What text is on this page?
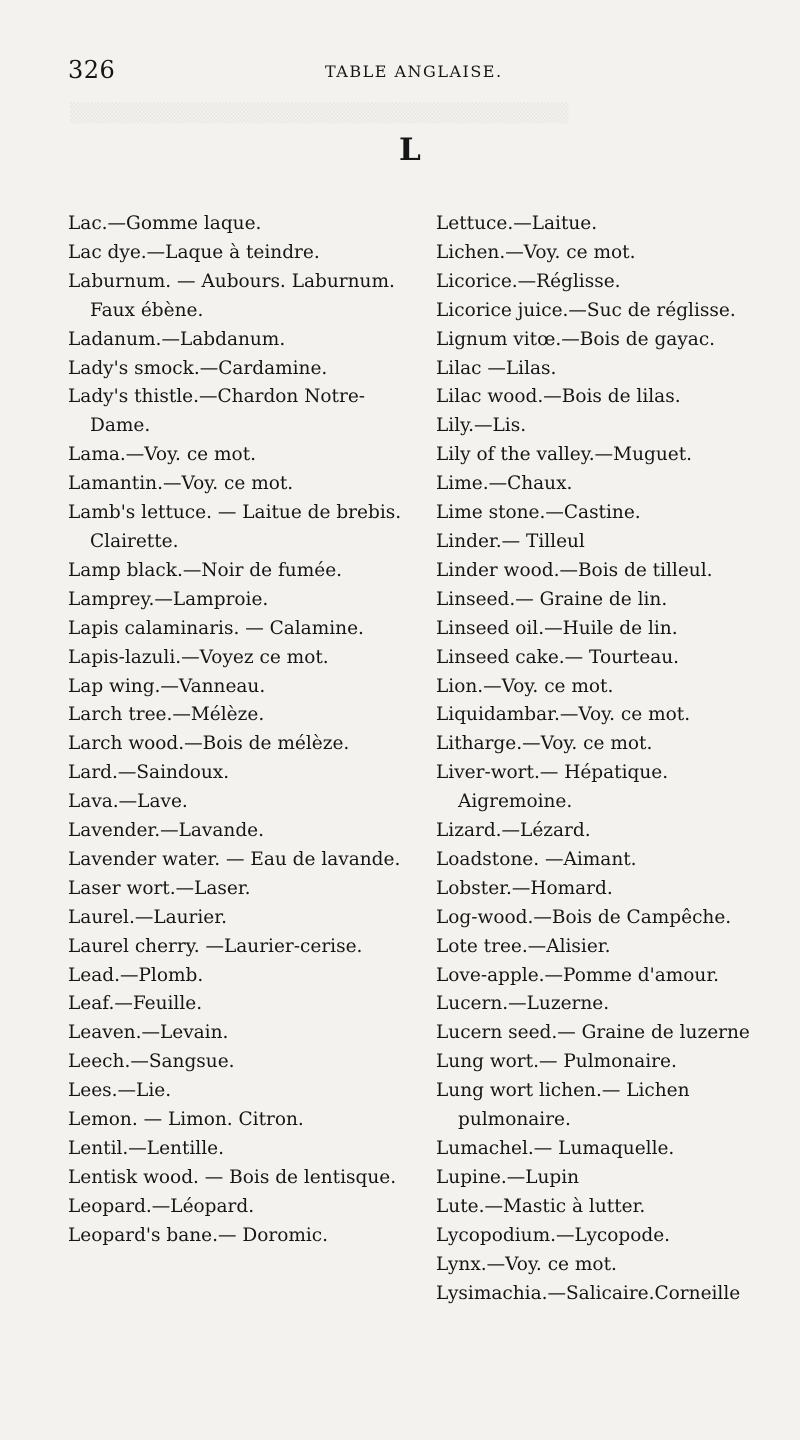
326	TABLE ANGLAISE.
L
Lac.—Gomme laque.
Lac dye.—Laque à teindre.
Laburnum. — Aubours. Laburnum. Faux ébène.
Ladanum.—Labdanum.
Lady's smock.—Cardamine.
Lady's thistle.—Chardon Notre-Dame.
Lama.—Voy. ce mot.
Lamantin.—Voy. ce mot.
Lamb's lettuce. — Laitue de brebis. Clairette.
Lamp black.—Noir de fumée.
Lamprey.—Lamproie.
Lapis calaminaris. — Calamine.
Lapis-lazuli.—Voyez ce mot.
Lap wing.—Vanneau.
Larch tree.—Mélèze.
Larch wood.—Bois de mélèze.
Lard.—Saindoux.
Lava.—Lave.
Lavender.—Lavande.
Lavender water. — Eau de lavande.
Laser wort.—Laser.
Laurel.—Laurier.
Laurel cherry. —Laurier-cerise.
Lead.—Plomb.
Leaf.—Feuille.
Leaven.—Levain.
Leech.—Sangsue.
Lees.—Lie.
Lemon. — Limon. Citron.
Lentil.—Lentille.
Lentisk wood. — Bois de lentisque.
Leopard.—Léopard.
Leopard's bane.— Doromic.
Lettuce.—Laitue.
Lichen.—Voy. ce mot.
Licorice.—Réglisse.
Licorice juice.—Suc de réglisse.
Lignum vitœ.—Bois de gayac.
Lilac —Lilas.
Lilac wood.—Bois de lilas.
Lily.—Lis.
Lily of the valley.—Muguet.
Lime.—Chaux.
Lime stone.—Castine.
Linder.— Tilleul
Linder wood.—Bois de tilleul.
Linseed.— Graine de lin.
Linseed oil.—Huile de lin.
Linseed cake.— Tourteau.
Lion.—Voy. ce mot.
Liquidambar.—Voy. ce mot.
Litharge.—Voy. ce mot.
Liver-wort.— Hépatique. Aigremoine.
Lizard.—Lézard.
Loadstone. —Aimant.
Lobster.—Homard.
Log-wood.—Bois de Campêche.
Lote tree.—Alisier.
Love-apple.—Pomme d'amour.
Lucern.—Luzerne.
Lucern seed.— Graine de luzerne
Lung wort.— Pulmonaire.
Lung wort lichen.— Lichen pulmonaire.
Lumachel.— Lumaquelle.
Lupine.—Lupin
Lute.—Mastic à lutter.
Lycopodium.—Lycopode.
Lynx.—Voy. ce mot.
Lysimachia.—Salicaire.Corneille
